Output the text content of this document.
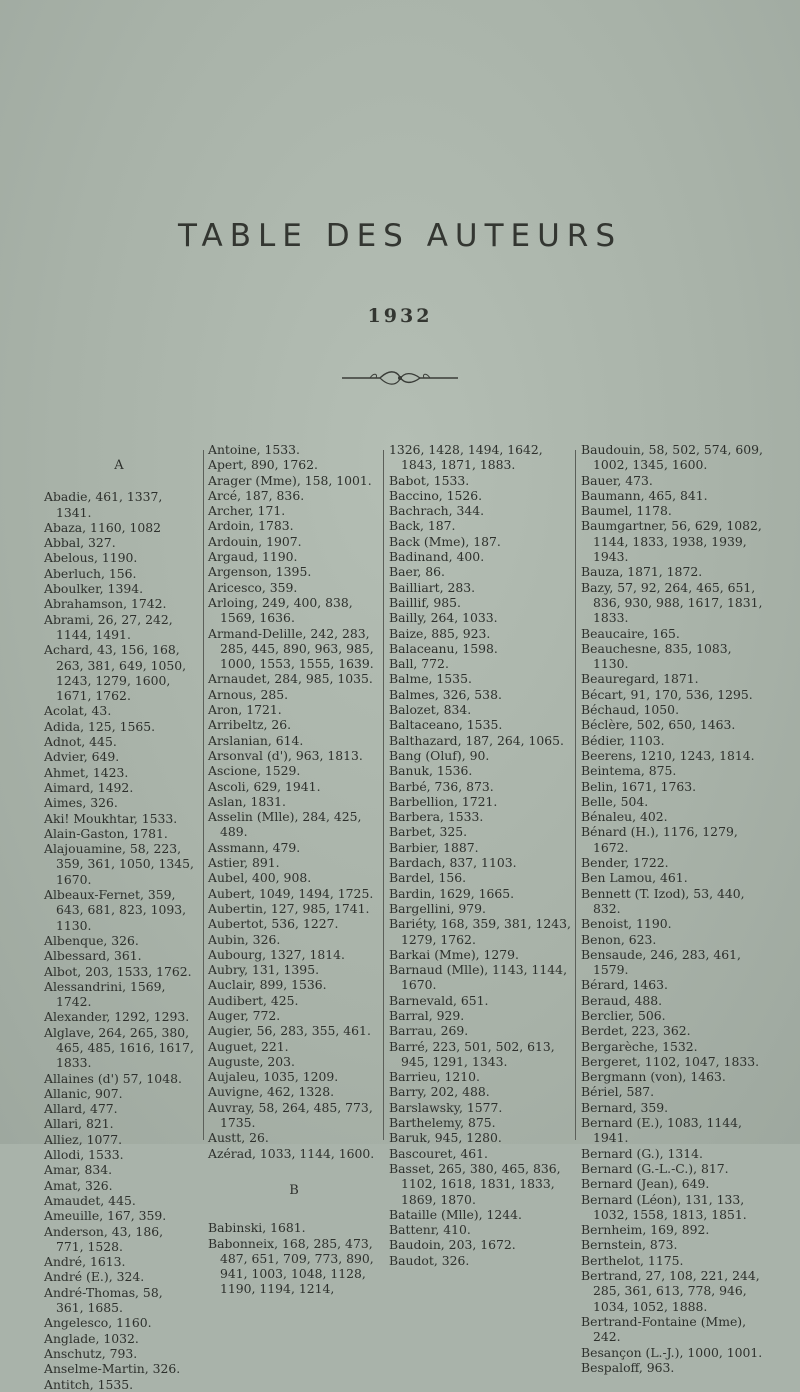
TABLE DES AUTEURS
1932
A
Abadie, 461, 1337, 1341.
Abaza, 1160, 1082
Abbal, 327.
Abelous, 1190.
Aberluch, 156.
Aboulker, 1394.
Abrahamson, 1742.
Abrami, 26, 27, 242, 1144, 1491.
Achard, 43, 156, 168, 263, 381, 649, 1050, 1243, 1279, 1600, 1671, 1762.
Acolat, 43.
Adida, 125, 1565.
Adnot, 445.
Advier, 649.
Ahmet, 1423.
Aimard, 1492.
Aimes, 326.
Aki! Moukhtar, 1533.
Alain-Gaston, 1781.
Alajouamine, 58, 223, 359, 361, 1050, 1345, 1670.
Albeaux-Fernet, 359, 643, 681, 823, 1093, 1130.
Albenque, 326.
Albessard, 361.
Albot, 203, 1533, 1762.
Alessandrini, 1569, 1742.
Alexander, 1292, 1293.
Alglave, 264, 265, 380, 465, 485, 1616, 1617, 1833.
Allaines (d') 57, 1048.
Allanic, 907.
Allard, 477.
Allari, 821.
Alliez, 1077.
Allodi, 1533.
Amar, 834.
Amat, 326.
Amaudet, 445.
Ameuille, 167, 359.
Anderson, 43, 186, 771, 1528.
André, 1613.
André (E.), 324.
André-Thomas, 58, 361, 1685.
Angelesco, 1160.
Anglade, 1032.
Anschutz, 793.
Anselme-Martin, 326.
Antitch, 1535.
Antoine, 1533.
Apert, 890, 1762.
Arager (Mme), 158, 1001.
Arcé, 187, 836.
Archer, 171.
Ardoin, 1783.
Ardouin, 1907.
Argaud, 1190.
Argenson, 1395.
Aricesco, 359.
Arloing, 249, 400, 838, 1569, 1636.
Armand-Delille, 242, 283, 285, 445, 890, 963, 985, 1000, 1553, 1555, 1639.
Arnaudet, 284, 985, 1035.
Arnous, 285.
Aron, 1721.
Arribeltz, 26.
Arslanian, 614.
Arsonval (d'), 963, 1813.
Ascione, 1529.
Ascoli, 629, 1941.
Aslan, 1831.
Asselin (Mlle), 284, 425, 489.
Assmann, 479.
Astier, 891.
Aubel, 400, 908.
Aubert, 1049, 1494, 1725.
Aubertin, 127, 985, 1741.
Aubertot, 536, 1227.
Aubin, 326.
Aubourg, 1327, 1814.
Aubry, 131, 1395.
Auclair, 899, 1536.
Audibert, 425.
Auger, 772.
Augier, 56, 283, 355, 461.
Auguet, 221.
Auguste, 203.
Aujaleu, 1035, 1209.
Auvigne, 462, 1328.
Auvray, 58, 264, 485, 773, 1735.
Austt, 26.
Azérad, 1033, 1144, 1600.
B
Babinski, 1681.
Babonneix, 168, 285, 473, 487, 651, 709, 773, 890, 941, 1003, 1048, 1128, 1190, 1194, 1214,
1326, 1428, 1494, 1642, 1843, 1871, 1883.
Babot, 1533.
Baccino, 1526.
Bachrach, 344.
Back, 187.
Back (Mme), 187.
Badinand, 400.
Baer, 86.
Bailliart, 283.
Baillif, 985.
Bailly, 264, 1033.
Baize, 885, 923.
Balaceanu, 1598.
Ball, 772.
Balme, 1535.
Balmes, 326, 538.
Balozet, 834.
Baltaceano, 1535.
Balthazard, 187, 264, 1065.
Bang (Oluf), 90.
Banuk, 1536.
Barbé, 736, 873.
Barbellion, 1721.
Barbera, 1533.
Barbet, 325.
Barbier, 1887.
Bardach, 837, 1103.
Bardel, 156.
Bardin, 1629, 1665.
Bargellini, 979.
Bariéty, 168, 359, 381, 1243, 1279, 1762.
Barkai (Mme), 1279.
Barnaud (Mlle), 1143, 1144, 1670.
Barnevald, 651.
Barral, 929.
Barrau, 269.
Barré, 223, 501, 502, 613, 945, 1291, 1343.
Barrieu, 1210.
Barry, 202, 488.
Barslawsky, 1577.
Barthelemy, 875.
Baruk, 945, 1280.
Bascouret, 461.
Basset, 265, 380, 465, 836, 1102, 1618, 1831, 1833, 1869, 1870.
Bataille (Mlle), 1244.
Battenr, 410.
Baudoin, 203, 1672.
Baudot, 326.
Baudouin, 58, 502, 574, 609, 1002, 1345, 1600.
Bauer, 473.
Baumann, 465, 841.
Baumel, 1178.
Baumgartner, 56, 629, 1082, 1144, 1833, 1938, 1939, 1943.
Bauza, 1871, 1872.
Bazy, 57, 92, 264, 465, 651, 836, 930, 988, 1617, 1831, 1833.
Beaucaire, 165.
Beauchesne, 835, 1083, 1130.
Beauregard, 1871.
Bécart, 91, 170, 536, 1295.
Béchaud, 1050.
Béclère, 502, 650, 1463.
Bédier, 1103.
Beerens, 1210, 1243, 1814.
Beintema, 875.
Belin, 1671, 1763.
Belle, 504.
Bénaleu, 402.
Bénard (H.), 1176, 1279, 1672.
Bender, 1722.
Ben Lamou, 461.
Bennett (T. Izod), 53, 440, 832.
Benoist, 1190.
Benon, 623.
Bensaude, 246, 283, 461, 1579.
Bérard, 1463.
Beraud, 488.
Berclier, 506.
Berdet, 223, 362.
Bergarèche, 1532.
Bergeret, 1102, 1047, 1833.
Bergmann (von), 1463.
Bériel, 587.
Bernard, 359.
Bernard (E.), 1083, 1144, 1941.
Bernard (G.), 1314.
Bernard (G.-L.-C.), 817.
Bernard (Jean), 649.
Bernard (Léon), 131, 133, 1032, 1558, 1813, 1851.
Bernheim, 169, 892.
Bernstein, 873.
Berthelot, 1175.
Bertrand, 27, 108, 221, 244, 285, 361, 613, 778, 946, 1034, 1052, 1888.
Bertrand-Fontaine (Mme), 242.
Besançon (L.-J.), 1000, 1001.
Bespaloff, 963.
